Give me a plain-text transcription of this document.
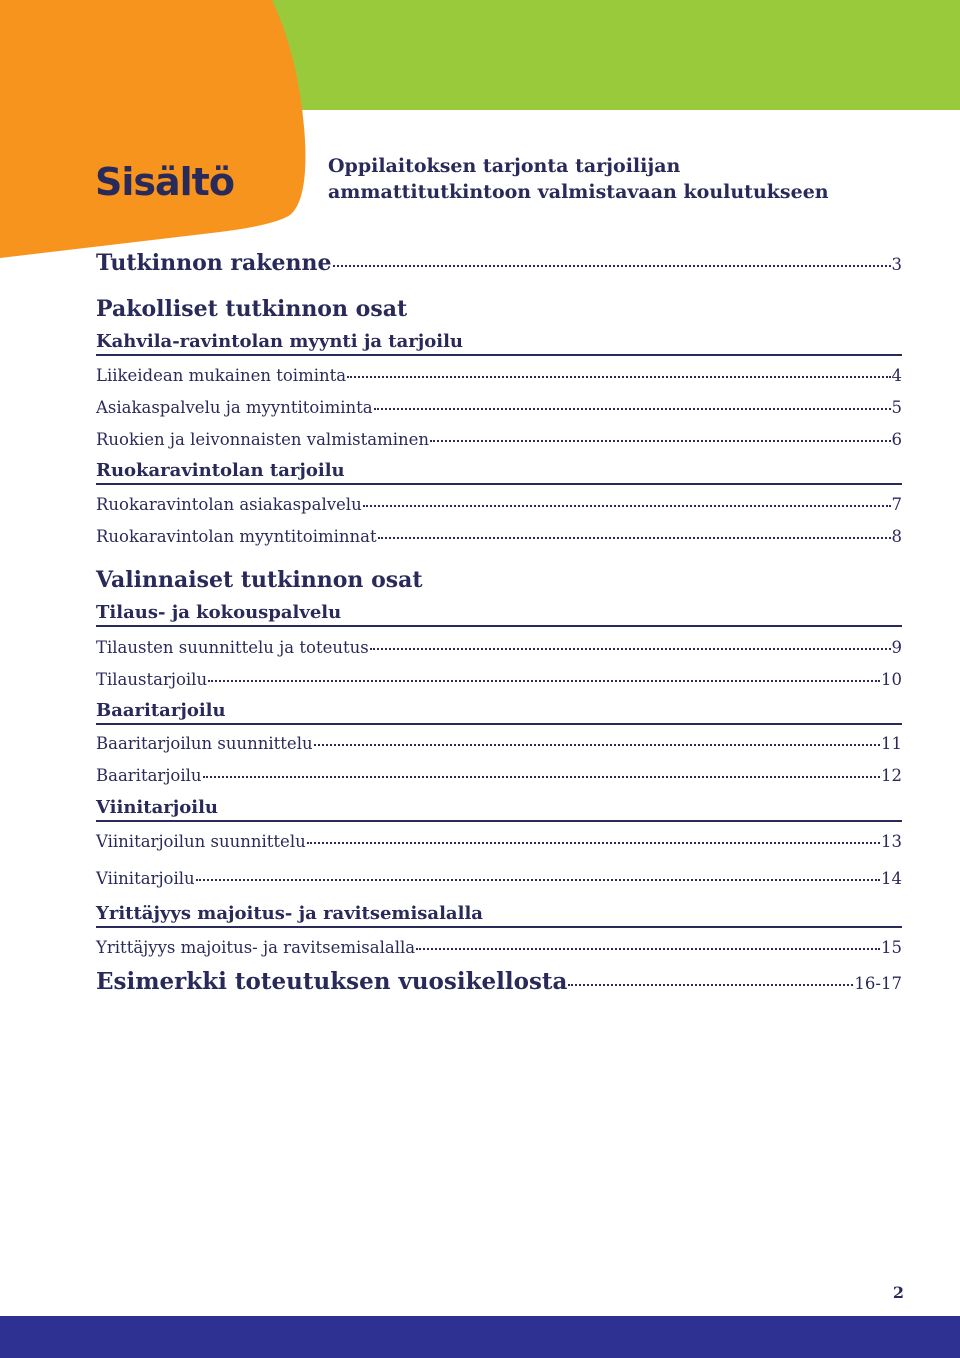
Sisältö	Oppilaitoksen tarjonta tarjoilijan
ammattitutkintoon valmistavaan koulutukseen
Tutkinnon rakenne	3
Pakolliset tutkinnon osat
Kahvila-ravintolan myynti ja tarjoilu
Liikeidean mukainen toiminta	4
Asiakaspalvelu ja myyntitoiminta	5
Ruokien ja leivonnaisten valmistaminen	6
Ruokaravintolan tarjoilu
Ruokaravintolan asiakaspalvelu	7
Ruokaravintolan myyntitoiminnat	8
Valinnaiset tutkinnon osat
Tilaus- ja kokouspalvelu
Tilausten suunnittelu ja toteutus	9
Tilaustarjoilu	10
Baaritarjoilu
Baaritarjoilun suunnittelu	11
Baaritarjoilu	12
Viinitarjoilu
Viinitarjoilun suunnittelu	13
Viinitarjoilu	14
Yrittäjyys majoitus- ja ravitsemisalalla
Yrittäjyys majoitus- ja ravitsemisalalla	15
Esimerkki toteutuksen vuosikellosta	16-17

2
